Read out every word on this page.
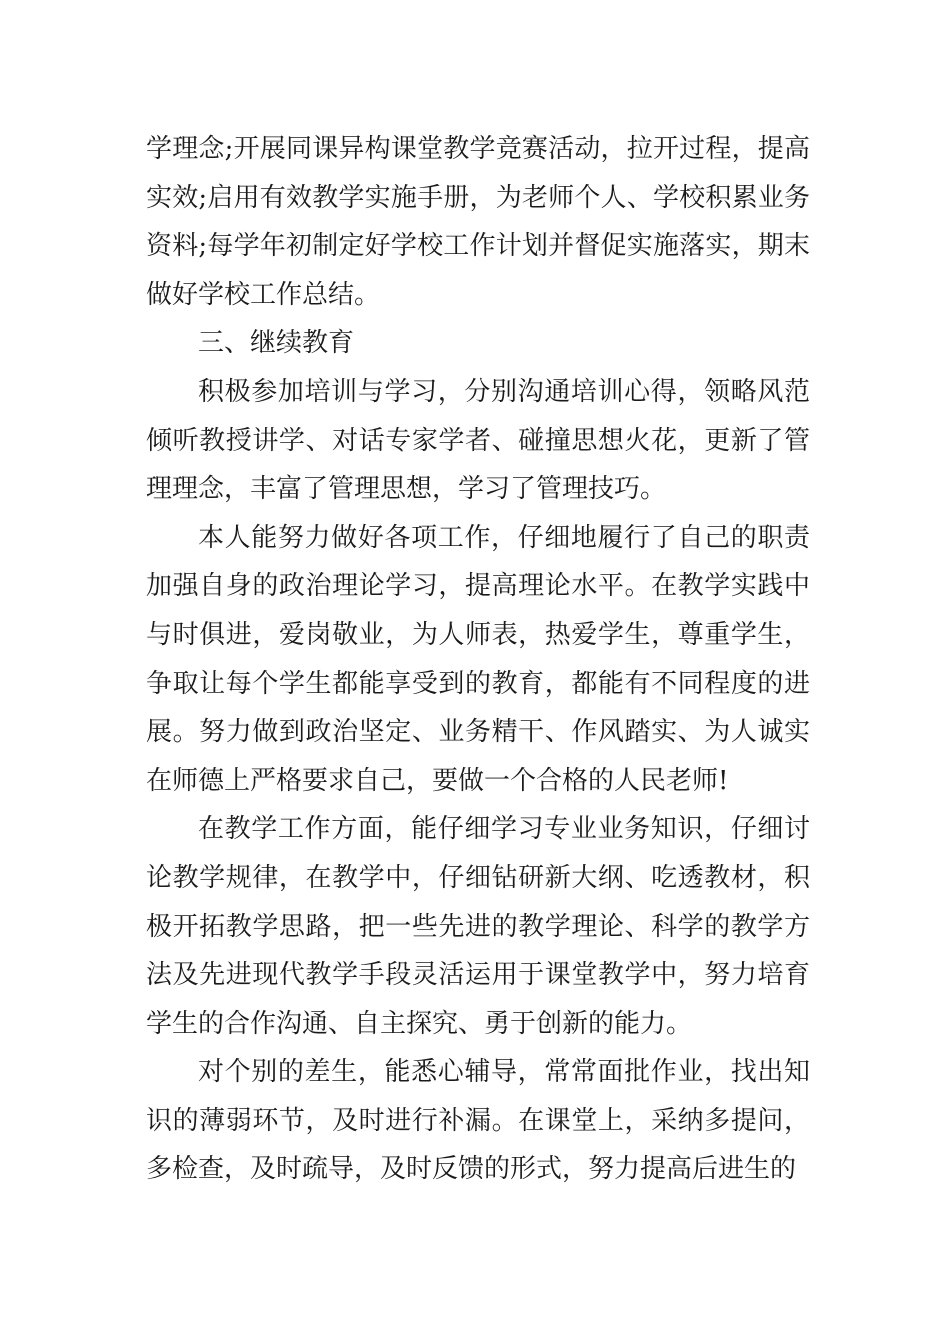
学理念;开展同课异构课堂教学竞赛活动，拉开过程，提高实效;启用有效教学实施手册，为老师个人、学校积累业务资料;每学年初制定好学校工作计划并督促实施落实，期末做好学校工作总结。

三、继续教育

积极参加培训与学习，分别沟通培训心得，领略风范倾听教授讲学、对话专家学者、碰撞思想火花，更新了管理理念，丰富了管理思想，学习了管理技巧。

本人能努力做好各项工作，仔细地履行了自己的职责加强自身的政治理论学习，提高理论水平。在教学实践中与时俱进，爱岗敬业，为人师表，热爱学生，尊重学生，争取让每个学生都能享受到的教育，都能有不同程度的进展。努力做到政治坚定、业务精干、作风踏实、为人诚实在师德上严格要求自己，要做一个合格的人民老师!

在教学工作方面，能仔细学习专业业务知识，仔细讨论教学规律，在教学中，仔细钻研新大纲、吃透教材，积极开拓教学思路，把一些先进的教学理论、科学的教学方法及先进现代教学手段灵活运用于课堂教学中，努力培育学生的合作沟通、自主探究、勇于创新的能力。

对个别的差生，能悉心辅导，常常面批作业，找出知识的薄弱环节，及时进行补漏。在课堂上，采纳多提问，多检查，及时疏导，及时反馈的形式，努力提高后进生的
